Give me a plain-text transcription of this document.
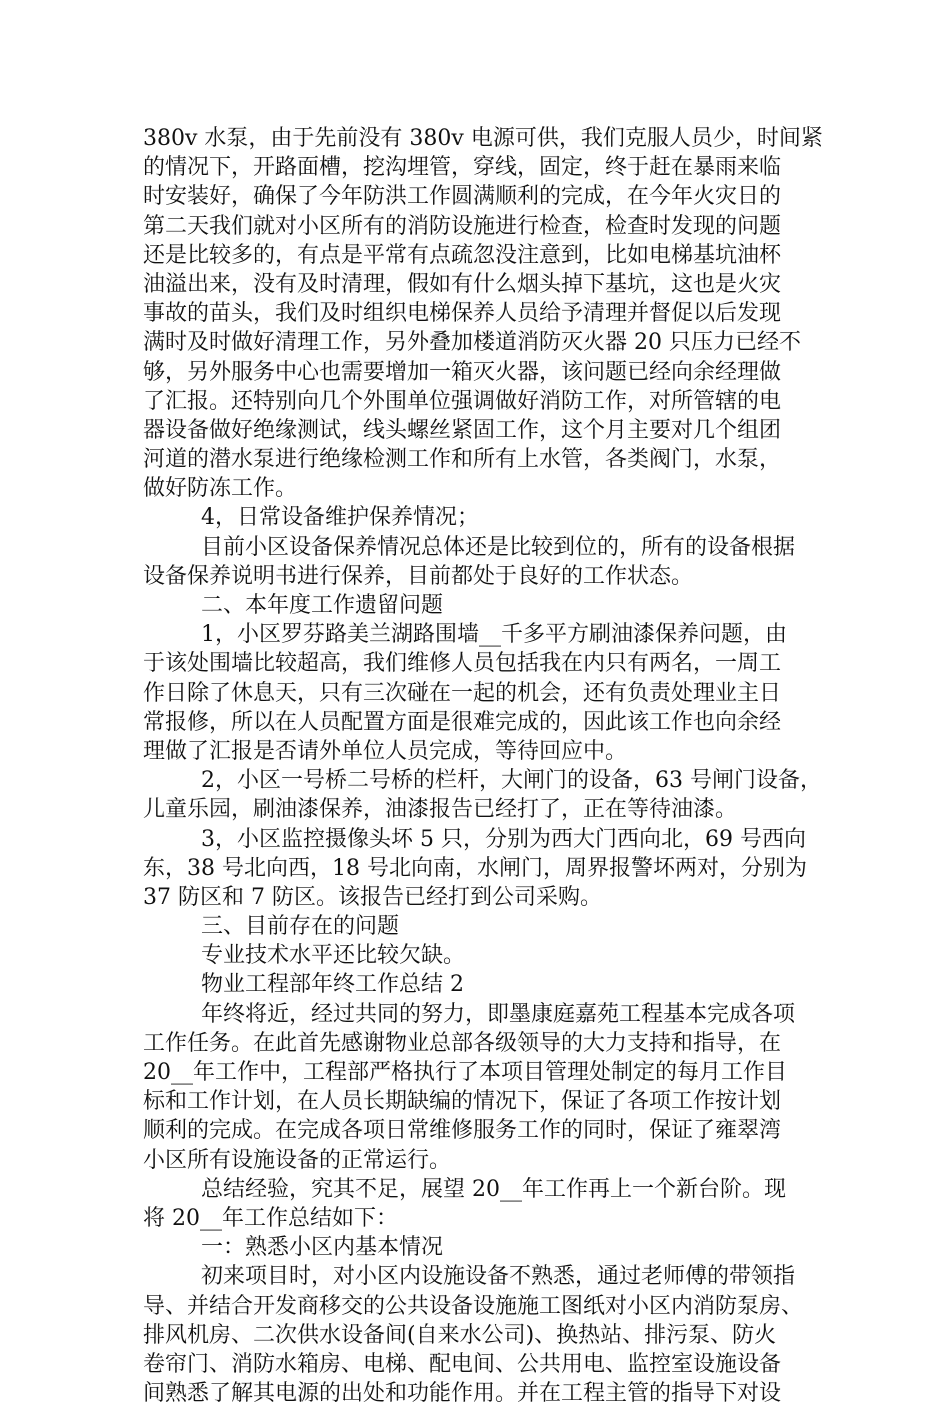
380v 水泵，由于先前没有 380v 电源可供，我们克服人员少，时间紧
的情况下，开路面槽，挖沟埋管，穿线，固定，终于赶在暴雨来临
时安装好，确保了今年防洪工作圆满顺利的完成，在今年火灾日的
第二天我们就对小区所有的消防设施进行检查，检查时发现的问题
还是比较多的，有点是平常有点疏忽没注意到，比如电梯基坑油杯
油溢出来，没有及时清理，假如有什么烟头掉下基坑，这也是火灾
事故的苗头，我们及时组织电梯保养人员给予清理并督促以后发现
满时及时做好清理工作，另外叠加楼道消防灭火器 20 只压力已经不
够，另外服务中心也需要增加一箱灭火器，该问题已经向余经理做
了汇报。还特别向几个外围单位强调做好消防工作，对所管辖的电
器设备做好绝缘测试，线头螺丝紧固工作，这个月主要对几个组团
河道的潜水泵进行绝缘检测工作和所有上水管，各类阀门，水泵，
做好防冻工作。
4，日常设备维护保养情况；
目前小区设备保养情况总体还是比较到位的，所有的设备根据
设备保养说明书进行保养，目前都处于良好的工作状态。
二、本年度工作遗留问题
1，小区罗芬路美兰湖路围墙__千多平方刷油漆保养问题，由
于该处围墙比较超高，我们维修人员包括我在内只有两名，一周工
作日除了休息天，只有三次碰在一起的机会，还有负责处理业主日
常报修，所以在人员配置方面是很难完成的，因此该工作也向余经
理做了汇报是否请外单位人员完成，等待回应中。
2，小区一号桥二号桥的栏杆，大闸门的设备，63 号闸门设备，
儿童乐园，刷油漆保养，油漆报告已经打了，正在等待油漆。
3，小区监控摄像头坏 5 只，分别为西大门西向北，69 号西向
东，38 号北向西，18 号北向南，水闸门，周界报警坏两对，分别为
37 防区和 7 防区。该报告已经打到公司采购。
三、目前存在的问题
专业技术水平还比较欠缺。
物业工程部年终工作总结 2
年终将近，经过共同的努力，即墨康庭嘉苑工程基本完成各项
工作任务。在此首先感谢物业总部各级领导的大力支持和指导，在
20__年工作中，工程部严格执行了本项目管理处制定的每月工作目
标和工作计划，在人员长期缺编的情况下，保证了各项工作按计划
顺利的完成。在完成各项日常维修服务工作的同时，保证了雍翠湾
小区所有设施设备的正常运行。
总结经验，究其不足，展望 20__年工作再上一个新台阶。现
将 20__年工作总结如下：
一：熟悉小区内基本情况
初来项目时，对小区内设施设备不熟悉，通过老师傅的带领指
导、并结合开发商移交的公共设备设施施工图纸对小区内消防泵房、
排风机房、二次供水设备间(自来水公司)、换热站、排污泵、防火
卷帘门、消防水箱房、电梯、配电间、公共用电、监控室设施设备
间熟悉了解其电源的出处和功能作用。并在工程主管的指导下对设
